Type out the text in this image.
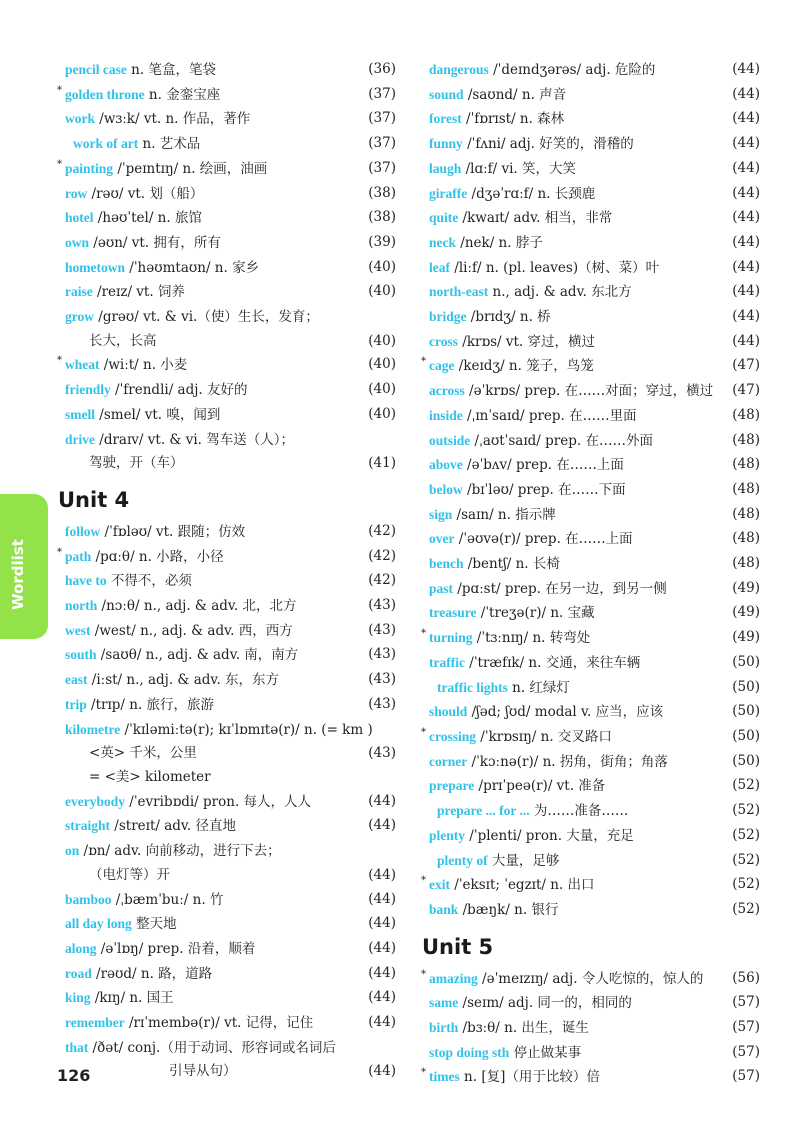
pencil case n. 笔盒，笔袋	(36)
* golden throne n. 金銮宝座	(37)
work /wɜːk/ vt. n. 作品，著作	(37)
work of art n. 艺术品	(37)
* painting /ˈpeɪntɪŋ/ n. 绘画，油画	(37)
row /rəʊ/ vt. 划（船）	(38)
hotel /həʊˈtel/ n. 旅馆	(38)
own /əʊn/ vt. 拥有，所有	(39)
hometown /ˈhəʊmtaʊn/ n. 家乡	(40)
raise /reɪz/ vt. 饲养	(40)
grow /grəʊ/ vt. & vi.（使）生长，发育；
长大，长高	(40)
* wheat /wiːt/ n. 小麦	(40)
friendly /ˈfrendli/ adj. 友好的	(40)
smell /smel/ vt. 嗅，闻到	(40)
drive /draɪv/ vt. & vi. 驾车送（人）；
驾驶，开（车）	(41)
Unit 4
follow /ˈfɒləʊ/ vt. 跟随；仿效	(42)
* path /pɑːθ/ n. 小路，小径	(42)
have to 不得不，必须	(42)
north /nɔːθ/ n., adj. & adv. 北，北方	(43)
west /west/ n., adj. & adv. 西，西方	(43)
south /saʊθ/ n., adj. & adv. 南，南方	(43)
east /iːst/ n., adj. & adv. 东，东方	(43)
trip /trɪp/ n. 旅行，旅游	(43)
kilometre /ˈkɪləmiːtə(r); kɪˈlɒmɪtə(r)/ n. (= km )
<英> 千米，公里	(43)
= <美> kilometer
everybody /ˈevribɒdi/ pron. 每人，人人	(44)
straight /streɪt/ adv. 径直地	(44)
on /ɒn/ adv. 向前移动，进行下去；
（电灯等）开	(44)
bamboo /ˌbæmˈbuː/ n. 竹	(44)
all day long 整天地	(44)
along /əˈlɒŋ/ prep. 沿着，顺着	(44)
road /rəʊd/ n. 路，道路	(44)
king /kɪŋ/ n. 国王	(44)
remember /rɪˈmembə(r)/ vt. 记得，记住	(44)
that /ðət/ conj.（用于动词、形容词或名词后
引导从句）	(44)
dangerous /ˈdeɪndʒərəs/ adj. 危险的	(44)
sound /saʊnd/ n. 声音	(44)
forest /ˈfɒrɪst/ n. 森林	(44)
funny /ˈfʌni/ adj. 好笑的，滑稽的	(44)
laugh /lɑːf/ vi. 笑，大笑	(44)
giraffe /dʒəˈrɑːf/ n. 长颈鹿	(44)
quite /kwaɪt/ adv. 相当，非常	(44)
neck /nek/ n. 脖子	(44)
leaf /liːf/ n. (pl. leaves)（树、菜）叶	(44)
north-east n., adj. & adv. 东北方	(44)
bridge /brɪdʒ/ n. 桥	(44)
cross /krɒs/ vt. 穿过，横过	(44)
* cage /keɪdʒ/ n. 笼子，鸟笼	(47)
across /əˈkrɒs/ prep. 在……对面；穿过，横过	(47)
inside /ˌɪnˈsaɪd/ prep. 在……里面	(48)
outside /ˌaʊtˈsaɪd/ prep. 在……外面	(48)
above /əˈbʌv/ prep. 在……上面	(48)
below /bɪˈləʊ/ prep. 在……下面	(48)
sign /saɪn/ n. 指示牌	(48)
over /ˈəʊvə(r)/ prep. 在……上面	(48)
bench /bentʃ/ n. 长椅	(48)
past /pɑːst/ prep. 在另一边，到另一侧	(49)
treasure /ˈtreʒə(r)/ n. 宝藏	(49)
* turning /ˈtɜːnɪŋ/ n. 转弯处	(49)
traffic /ˈtræfɪk/ n. 交通，来往车辆	(50)
traffic lights n. 红绿灯	(50)
should /ʃəd; ʃʊd/ modal v. 应当，应该	(50)
* crossing /ˈkrɒsɪŋ/ n. 交叉路口	(50)
corner /ˈkɔːnə(r)/ n. 拐角，街角；角落	(50)
prepare /prɪˈpeə(r)/ vt. 准备	(52)
prepare ... for ... 为……准备……	(52)
plenty /ˈplenti/ pron. 大量，充足	(52)
plenty of 大量，足够	(52)
* exit /ˈeksɪt; ˈegzɪt/ n. 出口	(52)
bank /bæŋk/ n. 银行	(52)
Unit 5
* amazing /əˈmeɪzɪŋ/ adj. 令人吃惊的，惊人的	(56)
same /seɪm/ adj. 同一的，相同的	(57)
birth /bɜːθ/ n. 出生，诞生	(57)
stop doing sth 停止做某事	(57)
* times n. [复]（用于比较）倍	(57)
Wordlist
126
